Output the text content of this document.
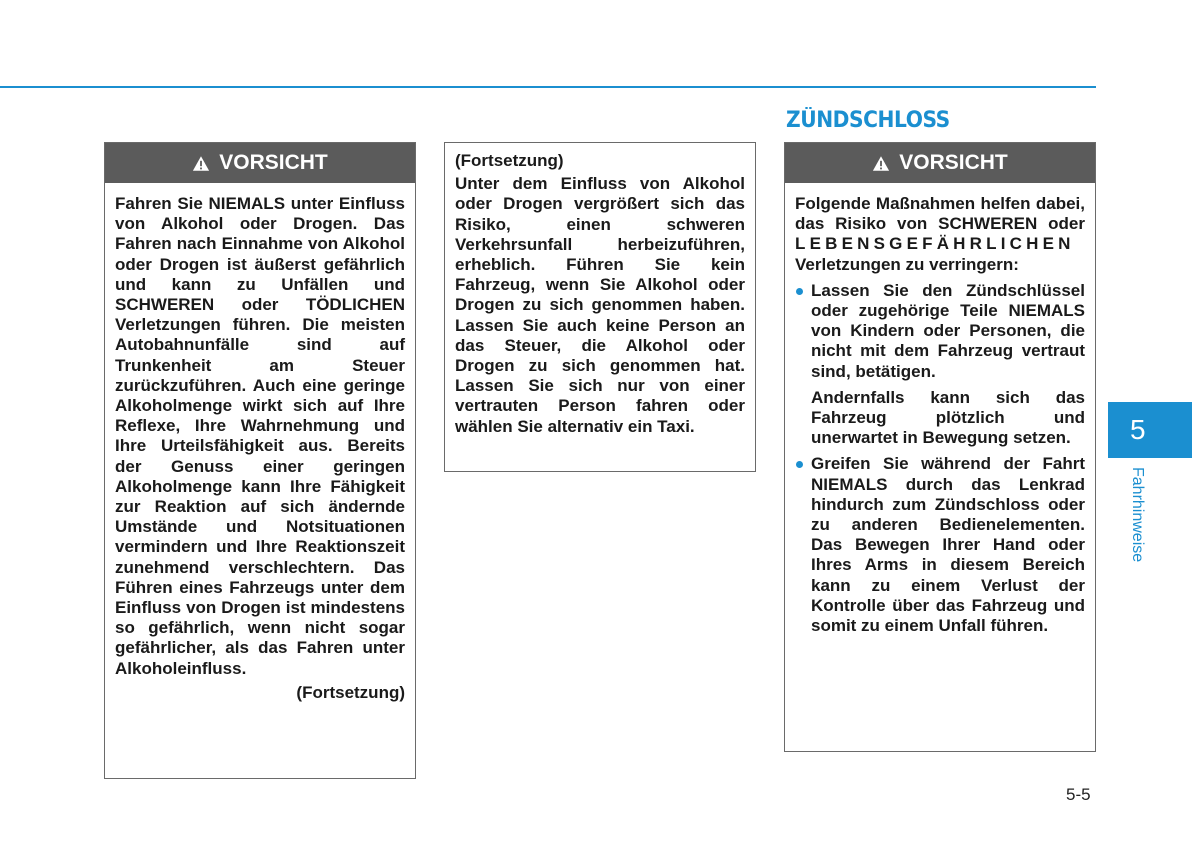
ZÜNDSCHLOSS
VORSICHT
Fahren Sie NIEMALS unter Einfluss von Alkohol oder Drogen. Das Fahren nach Einnahme von Alkohol oder Drogen ist äußerst gefährlich und kann zu Unfällen und SCHWEREN oder TÖDLICHEN Verletzungen führen. Die meisten Autobahnunfälle sind auf Trunkenheit am Steuer zurückzuführen. Auch eine geringe Alkoholmenge wirkt sich auf Ihre Reflexe, Ihre Wahrnehmung und Ihre Urteilsfähigkeit aus. Bereits der Genuss einer geringen Alkoholmenge kann Ihre Fähigkeit zur Reaktion auf sich ändernde Umstände und Notsituationen vermindern und Ihre Reaktionszeit zunehmend verschlechtern. Das Führen eines Fahrzeugs unter dem Einfluss von Drogen ist mindestens so gefährlich, wenn nicht sogar gefährlicher, als das Fahren unter Alkoholeinfluss.
(Fortsetzung)
(Fortsetzung)
Unter dem Einfluss von Alkohol oder Drogen vergrößert sich das Risiko, einen schweren Verkehrsunfall herbeizuführen, erheblich. Führen Sie kein Fahrzeug, wenn Sie Alkohol oder Drogen zu sich genommen haben. Lassen Sie auch keine Person an das Steuer, die Alkohol oder Drogen zu sich genommen hat. Lassen Sie sich nur von einer vertrauten Person fahren oder wählen Sie alternativ ein Taxi.
VORSICHT
Folgende Maßnahmen helfen dabei, das Risiko von SCHWEREN oder LEBENSGEFÄHRLICHEN Verletzungen zu verringern:
Lassen Sie den Zündschlüssel oder zugehörige Teile NIEMALS von Kindern oder Personen, die nicht mit dem Fahrzeug vertraut sind, betätigen.
Andernfalls kann sich das Fahrzeug plötzlich und unerwartet in Bewegung setzen.
Greifen Sie während der Fahrt NIEMALS durch das Lenkrad hindurch zum Zündschloss oder zu anderen Bedienelementen. Das Bewegen Ihrer Hand oder Ihres Arms in diesem Bereich kann zu einem Verlust der Kontrolle über das Fahrzeug und somit zu einem Unfall führen.
5
Fahrhinweise
5-5
